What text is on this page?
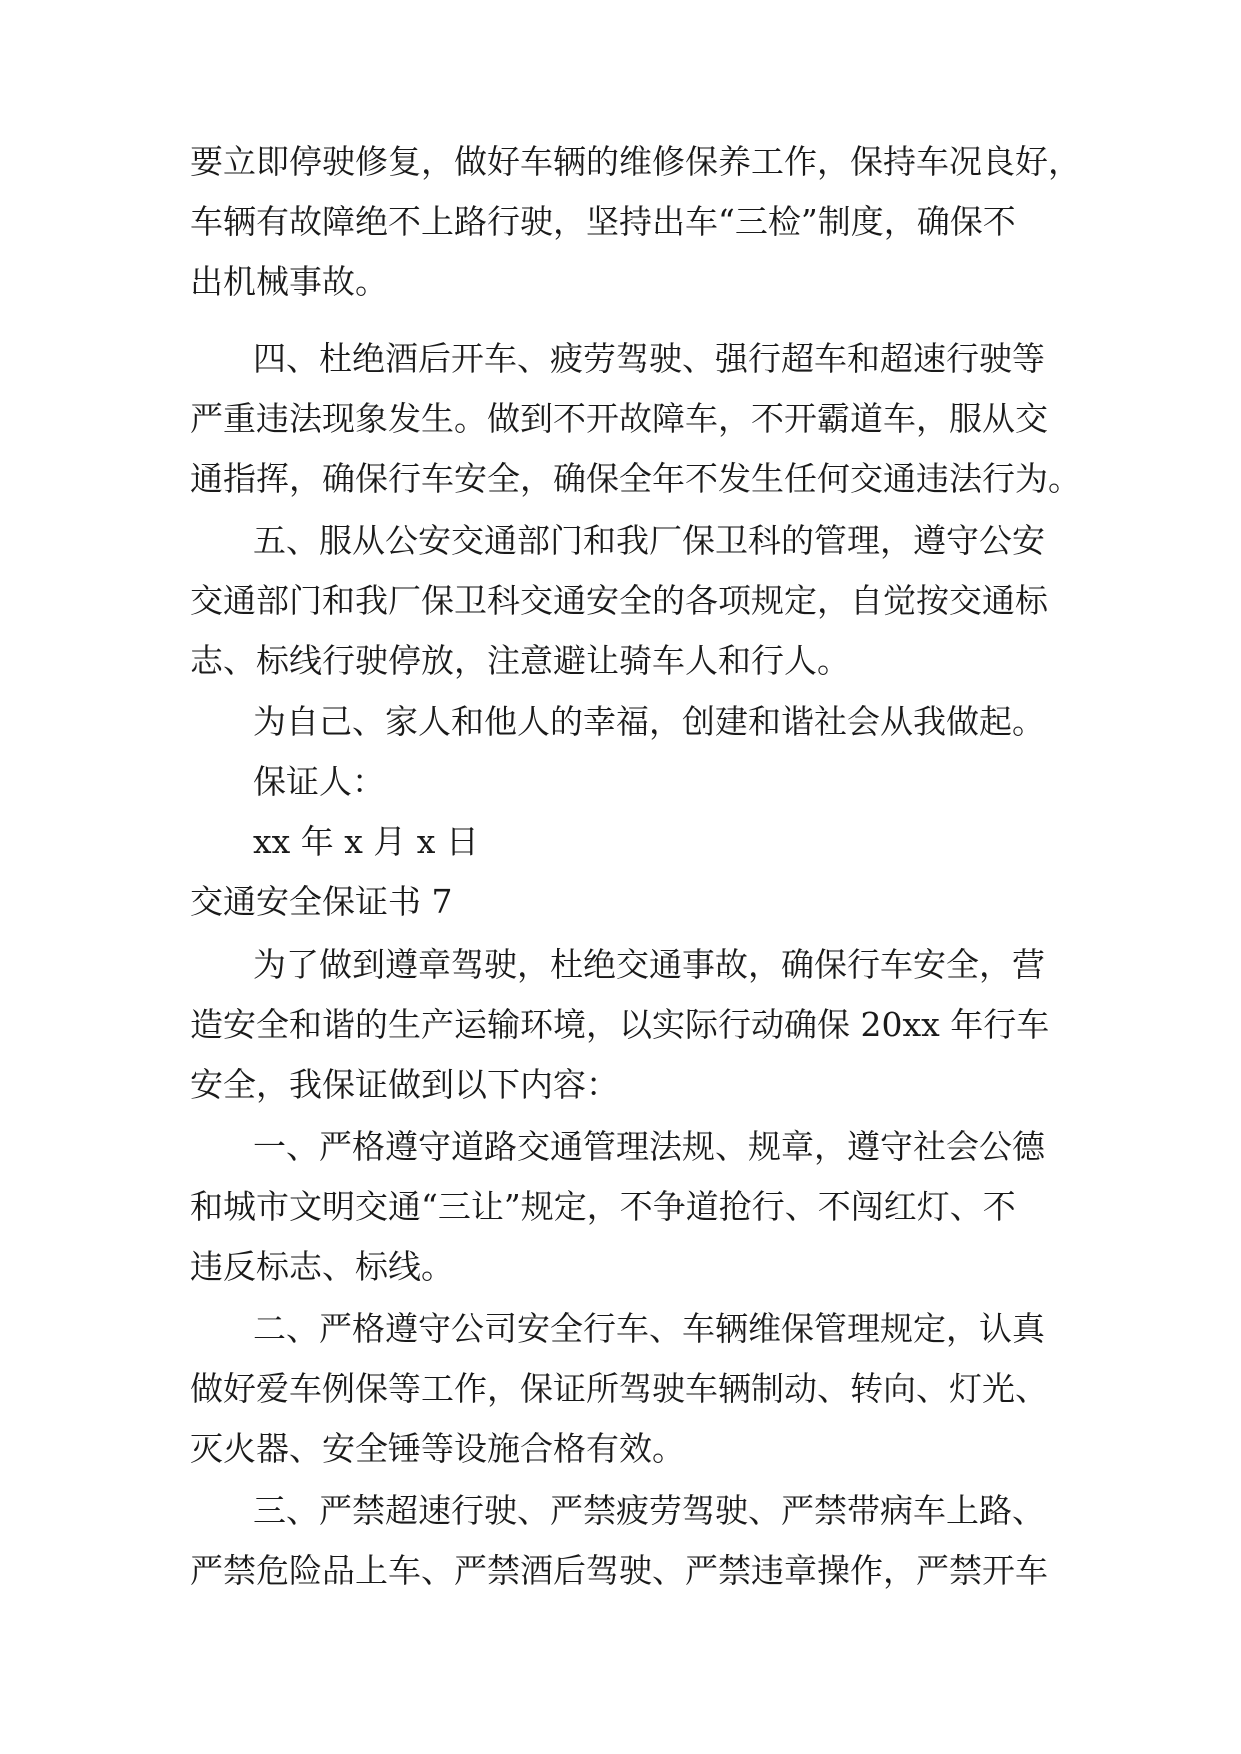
要立即停驶修复，做好车辆的维修保养工作，保持车况良好，
车辆有故障绝不上路行驶，坚持出车“三检”制度，确保不
出机械事故。
四、杜绝酒后开车、疲劳驾驶、强行超车和超速行驶等
严重违法现象发生。做到不开故障车，不开霸道车，服从交
通指挥，确保行车安全，确保全年不发生任何交通违法行为。
五、服从公安交通部门和我厂保卫科的管理，遵守公安
交通部门和我厂保卫科交通安全的各项规定，自觉按交通标
志、标线行驶停放，注意避让骑车人和行人。
为自己、家人和他人的幸福，创建和谐社会从我做起。
保证人：
xx 年 x 月 x 日
交通安全保证书 7
为了做到遵章驾驶，杜绝交通事故，确保行车安全，营
造安全和谐的生产运输环境，以实际行动确保 20xx 年行车
安全，我保证做到以下内容：
一、严格遵守道路交通管理法规、规章，遵守社会公德
和城市文明交通“三让”规定，不争道抢行、不闯红灯、不
违反标志、标线。
二、严格遵守公司安全行车、车辆维保管理规定，认真
做好爱车例保等工作，保证所驾驶车辆制动、转向、灯光、
灭火器、安全锤等设施合格有效。
三、严禁超速行驶、严禁疲劳驾驶、严禁带病车上路、
严禁危险品上车、严禁酒后驾驶、严禁违章操作，严禁开车
